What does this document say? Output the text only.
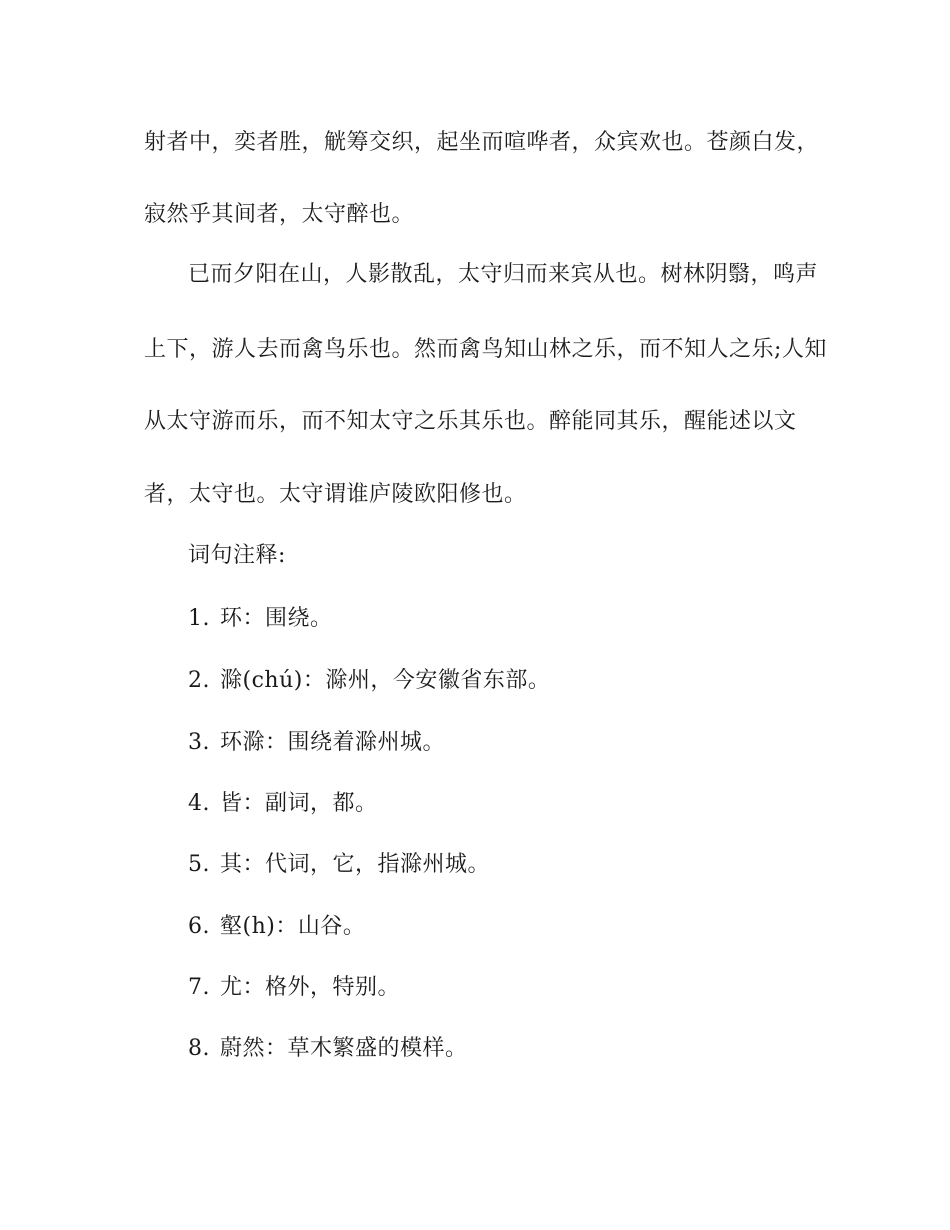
射者中，奕者胜，觥筹交织，起坐而喧哗者，众宾欢也。苍颜白发，
寂然乎其间者，太守醉也。
已而夕阳在山，人影散乱，太守归而来宾从也。树林阴翳，鸣声
上下，游人去而禽鸟乐也。然而禽鸟知山林之乐，而不知人之乐;人知
从太守游而乐，而不知太守之乐其乐也。醉能同其乐，醒能述以文
者，太守也。太守谓谁庐陵欧阳修也。
词句注释:
1. 环：围绕。
2. 滁(chú)：滁州，今安徽省东部。
3. 环滁：围绕着滁州城。
4. 皆：副词，都。
5. 其：代词，它，指滁州城。
6. 壑(h)：山谷。
7. 尤：格外，特别。
8. 蔚然：草木繁盛的模样。
